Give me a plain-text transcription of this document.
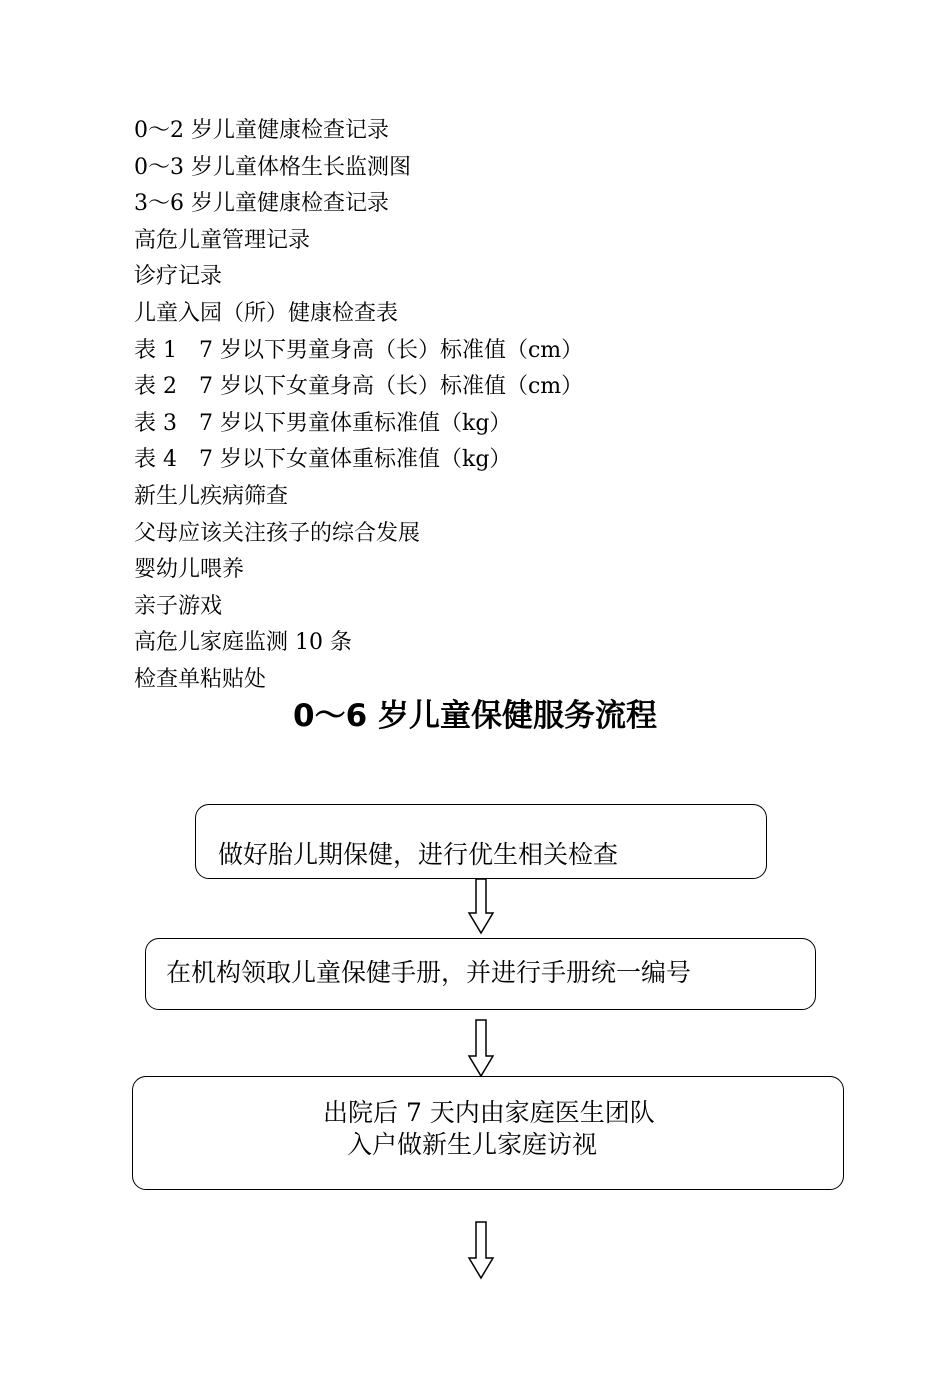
0～2 岁儿童健康检查记录
0～3 岁儿童体格生长监测图
3～6 岁儿童健康检查记录
高危儿童管理记录
诊疗记录
儿童入园（所）健康检查表
表 1　7 岁以下男童身高（长）标准值（cm）
表 2　7 岁以下女童身高（长）标准值（cm）
表 3　7 岁以下男童体重标准值（kg）
表 4　7 岁以下女童体重标准值（kg）
新生儿疾病筛查
父母应该关注孩子的综合发展
婴幼儿喂养
亲子游戏
高危儿家庭监测 10 条
检查单粘贴处
0～6 岁儿童保健服务流程
做好胎儿期保健，进行优生相关检查
在机构领取儿童保健手册，并进行手册统一编号
出院后 7 天内由家庭医生团队
入户做新生儿家庭访视
